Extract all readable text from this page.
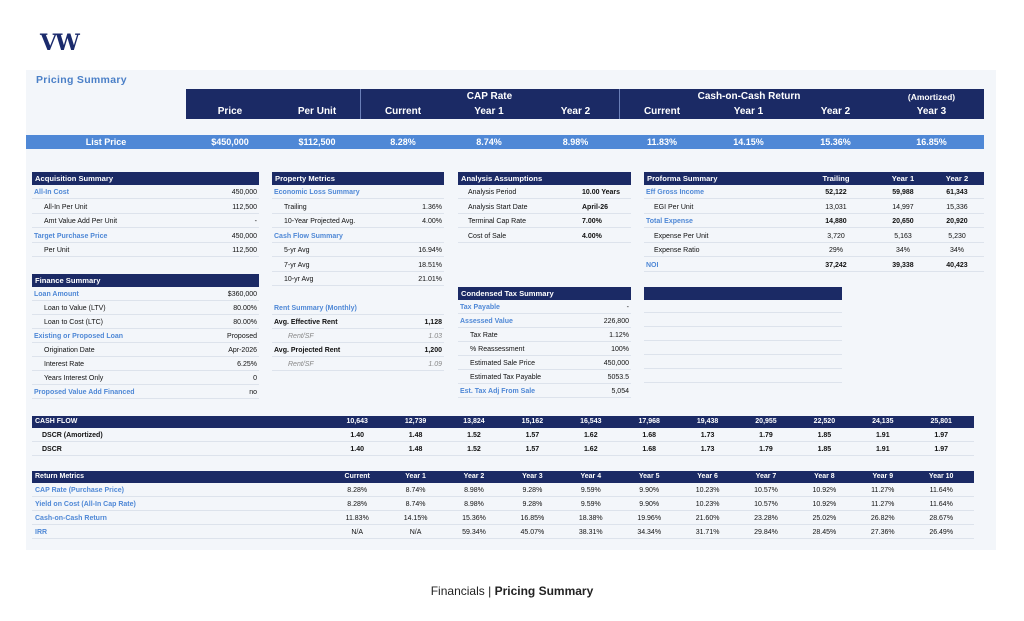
VW
Pricing Summary
CAP Rate	Cash-on-Cash Return	(Amortized)
Price	Per Unit	Current	Year 1	Year 2	Current	Year 1	Year 2	Year 3
List Price	$450,000	$112,500	8.28%	8.74%	8.98%	11.83%	14.15%	15.36%	16.85%
Acquisition Summary
Finance Summary
Property Metrics	Analysis Assumptions
Condensed Tax Summary
Proforma Summary	Trailing	Year 1	Year 2
All-In Cost	450,000
All-In Per Unit	112,500
Amt Value Add Per Unit	-
Target Purchase Price	450,000
Per Unit	112,500
Loan Amount	$360,000
Loan to Value (LTV)	80.00%
Loan to Cost (LTC)	80.00%
Existing or Proposed Loan	Proposed
Origination Date	Apr-2026
Interest Rate	6.25%
Years Interest Only	0
Proposed Value Add Financed	no
Economic Loss Summary
Trailing	1.36%
10-Year Projected Avg.	4.00%
Cash Flow Summary
5-yr Avg	16.94%
7-yr Avg	18.51%
10-yr Avg	21.01%
Rent Summary (Monthly)
Avg. Effective Rent	1,128
Rent/SF	1.03
Avg. Projected Rent	1,200
Rent/SF	1.09
Tax Payable	-
Assessed Value	226,800
Tax Rate	1.12%
% Reassessment	100%
Estimated Sale Price	450,000
Estimated Tax Payable	5053.5
Est. Tax Adj From Sale	5,054
Analysis Period	10.00 Years
Analysis Start Date	April-26
Terminal Cap Rate	7.00%
Cost of Sale	4.00%
Eff Gross Income	52,122	59,988	61,343
EGI Per Unit	13,031	14,997	15,336
Total Expense	14,880	20,650	20,920
Expense Per Unit	3,720	5,163	5,230
Expense Ratio	29%	34%	34%
NOI	37,242	39,338	40,423
CASH FLOW	10,643	12,739	13,824	15,162	16,543	17,968	19,438	20,955	22,520	24,135	25,801
DSCR (Amortized)	1.40	1.48	1.52	1.57	1.62	1.68	1.73	1.79	1.85	1.91	1.97
DSCR	1.40	1.48	1.52	1.57	1.62	1.68	1.73	1.79	1.85	1.91	1.97
Return Metrics	Current	Year 1	Year 2	Year 3	Year 4	Year 5	Year 6	Year 7	Year 8	Year 9	Year 10
CAP Rate (Purchase Price)	8.28%	8.74%	8.98%	9.28%	9.59%	9.90%	10.23%	10.57%	10.92%	11.27%	11.64%
Yield on Cost (All-In Cap Rate)	8.28%	8.74%	8.98%	9.28%	9.59%	9.90%	10.23%	10.57%	10.92%	11.27%	11.64%
Cash-on-Cash Return	11.83%	14.15%	15.36%	16.85%	18.38%	19.96%	21.60%	23.28%	25.02%	26.82%	28.67%
IRR	N/A	N/A	59.34%	45.07%	38.31%	34.34%	31.71%	29.84%	28.45%	27.36%	26.49%
Financials | Pricing Summary
